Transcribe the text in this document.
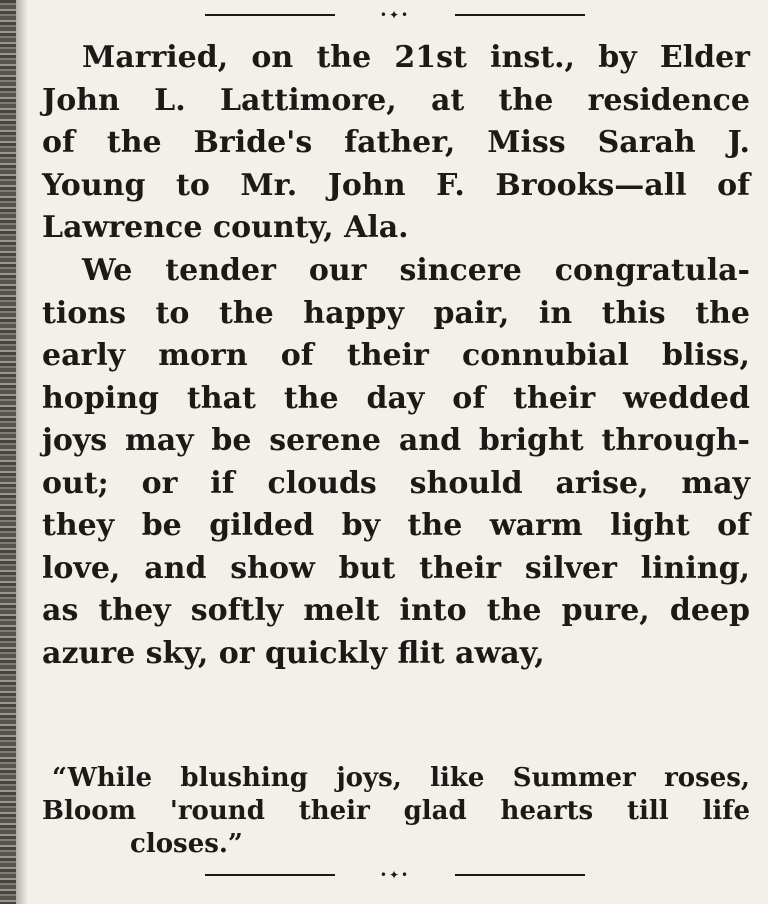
•✦•
Married, on the 21st inst., by Elder
John L. Lattimore, at the residence
of the Bride's father, Miss Sarah J.
Young to Mr. John F. Brooks—all of
Lawrence county, Ala.
We tender our sincere congratula-
tions to the happy pair, in this the
early morn of their connubial bliss,
hoping that the day of their wedded
joys may be serene and bright through-
out; or if clouds should arise, may
they be gilded by the warm light of
love, and show but their silver lining,
as they softly melt into the pure, deep
azure sky, or quickly flit away,
“While blushing joys, like Summer roses,
Bloom 'round their glad hearts till life
closes.”
•✦•
